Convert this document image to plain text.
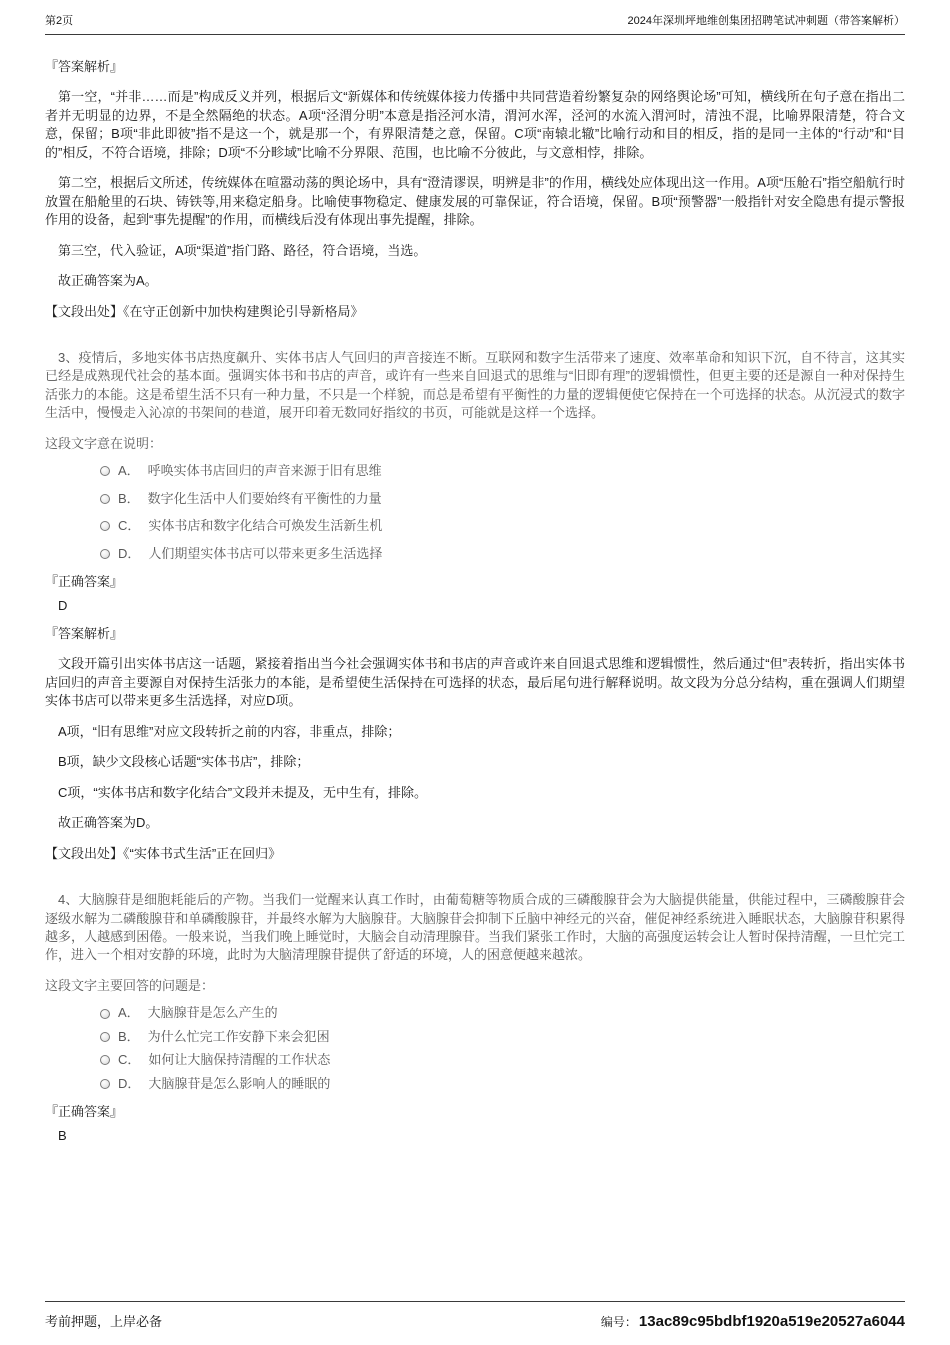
第2页	2024年深圳坪地维创集团招聘笔试冲刺题（带答案解析）

『答案解析』

第一空，“并非……而是”构成反义并列，根据后文“新媒体和传统媒体接力传播中共同营造着纷繁复杂的网络舆论场”可知，横线所在句子意在指出二者并无明显的边界，不是全然隔绝的状态。A项“泾渭分明”本意是指泾河水清，渭河水浑，泾河的水流入渭河时，清浊不混，比喻界限清楚，符合文意，保留；B项“非此即彼”指不是这一个，就是那一个，有界限清楚之意，保留。C项“南辕北辙”比喻行动和目的相反，指的是同一主体的“行动”和“目的”相反，不符合语境，排除；D项“不分畛域”比喻不分界限、范围，也比喻不分彼此，与文意相悖，排除。

第二空，根据后文所述，传统媒体在喧嚣动荡的舆论场中，具有“澄清谬误，明辨是非”的作用，横线处应体现出这一作用。A项“压舱石”指空船航行时放置在船舱里的石块、铸铁等,用来稳定船身。比喻使事物稳定、健康发展的可靠保证，符合语境，保留。B项“预警器”一般指针对安全隐患有提示警报作用的设备，起到“事先提醒”的作用，而横线后没有体现出事先提醒，排除。

第三空，代入验证，A项“渠道”指门路、路径，符合语境，当选。

故正确答案为A。

【文段出处】《在守正创新中加快构建舆论引导新格局》

3、疫情后，多地实体书店热度飙升、实体书店人气回归的声音接连不断。互联网和数字生活带来了速度、效率革命和知识下沉，自不待言，这其实已经是成熟现代社会的基本面。强调实体书和书店的声音，或许有一些来自回退式的思维与“旧即有理”的逻辑惯性，但更主要的还是源自一种对保持生活张力的本能。这是希望生活不只有一种力量，不只是一个样貌，而总是希望有平衡性的力量的逻辑便使它保持在一个可选择的状态。从沉浸式的数字生活中，慢慢走入沁凉的书架间的巷道，展开印着无数同好指纹的书页，可能就是这样一个选择。

这段文字意在说明：

A． 呼唤实体书店回归的声音来源于旧有思维
B． 数字化生活中人们要始终有平衡性的力量
C． 实体书店和数字化结合可焕发生活新生机
D． 人们期望实体书店可以带来更多生活选择

『正确答案』

D

『答案解析』

文段开篇引出实体书店这一话题，紧接着指出当今社会强调实体书和书店的声音或许来自回退式思维和逻辑惯性，然后通过“但”表转折，指出实体书店回归的声音主要源自对保持生活张力的本能，是希望使生活保持在可选择的状态，最后尾句进行解释说明。故文段为分总分结构，重在强调人们期望实体书店可以带来更多生活选择，对应D项。

A项，“旧有思维”对应文段转折之前的内容，非重点，排除；

B项，缺少文段核心话题“实体书店”，排除；

C项，“实体书店和数字化结合”文段并未提及，无中生有，排除。

故正确答案为D。

【文段出处】《“实体书式生活”正在回归》

4、大脑腺苷是细胞耗能后的产物。当我们一觉醒来认真工作时，由葡萄糖等物质合成的三磷酸腺苷会为大脑提供能量，供能过程中，三磷酸腺苷会逐级水解为二磷酸腺苷和单磷酸腺苷，并最终水解为大脑腺苷。大脑腺苷会抑制下丘脑中神经元的兴奋，催促神经系统进入睡眠状态，大脑腺苷积累得越多，人越感到困倦。一般来说，当我们晚上睡觉时，大脑会自动清理腺苷。当我们紧张工作时，大脑的高强度运转会让人暂时保持清醒，一旦忙完工作，进入一个相对安静的环境，此时为大脑清理腺苷提供了舒适的环境，人的困意便越来越浓。

这段文字主要回答的问题是：

A． 大脑腺苷是怎么产生的
B． 为什么忙完工作安静下来会犯困
C． 如何让大脑保持清醒的工作状态
D． 大脑腺苷是怎么影响人的睡眠的

『正确答案』

B

考前押题，上岸必备	编号： 13ac89c95bdbf1920a519e20527a6044
